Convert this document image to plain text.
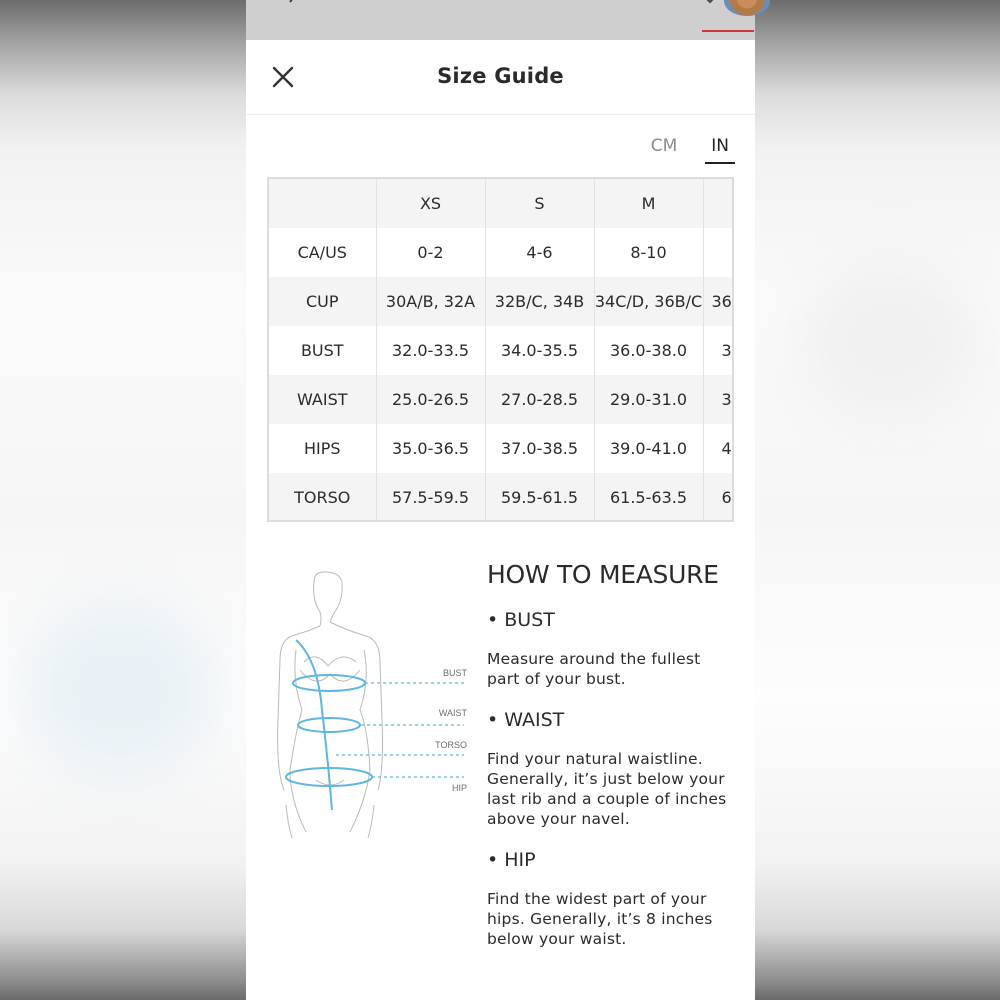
Size Guide
CM	IN
	XS	S	M	
CA/US	0-2	4-6	8-10	
CUP	30A/B, 32A	32B/C, 34B	34C/D, 36B/C	36
BUST	32.0-33.5	34.0-35.5	36.0-38.0	3
WAIST	25.0-26.5	27.0-28.5	29.0-31.0	3
HIPS	35.0-36.5	37.0-38.5	39.0-41.0	4
TORSO	57.5-59.5	59.5-61.5	61.5-63.5	6
BUST
WAIST
TORSO
HIP
HOW TO MEASURE
• BUST
Measure around the fullest part of your bust.
• WAIST
Find your natural waistline. Generally, it’s just below your last rib and a couple of inches above your navel.
• HIP
Find the widest part of your hips. Generally, it’s 8 inches below your waist.
